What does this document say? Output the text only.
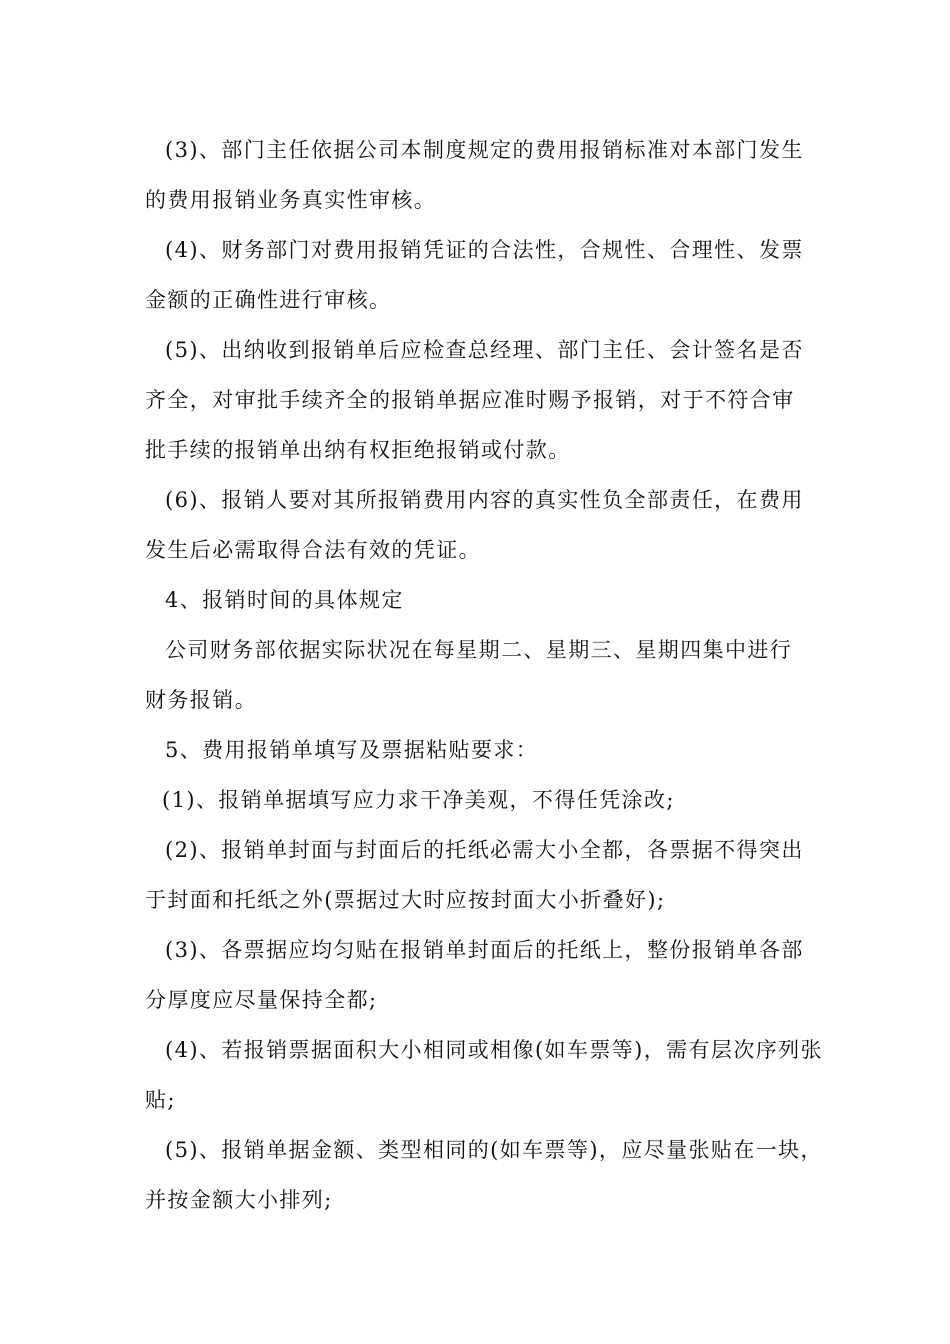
(3)、部门主任依据公司本制度规定的费用报销标准对本部门发生
的费用报销业务真实性审核。
(4)、财务部门对费用报销凭证的合法性，合规性、合理性、发票
金额的正确性进行审核。
(5)、出纳收到报销单后应检查总经理、部门主任、会计签名是否
齐全，对审批手续齐全的报销单据应准时赐予报销，对于不符合审
批手续的报销单出纳有权拒绝报销或付款。
(6)、报销人要对其所报销费用内容的真实性负全部责任，在费用
发生后必需取得合法有效的凭证。
4、报销时间的具体规定
公司财务部依据实际状况在每星期二、星期三、星期四集中进行
财务报销。
5、费用报销单填写及票据粘贴要求：
(1)、报销单据填写应力求干净美观，不得任凭涂改;
(2)、报销单封面与封面后的托纸必需大小全都，各票据不得突出
于封面和托纸之外(票据过大时应按封面大小折叠好);
(3)、各票据应均匀贴在报销单封面后的托纸上，整份报销单各部
分厚度应尽量保持全都;
(4)、若报销票据面积大小相同或相像(如车票等)，需有层次序列张
贴;
(5)、报销单据金额、类型相同的(如车票等)，应尽量张贴在一块，
并按金额大小排列;
